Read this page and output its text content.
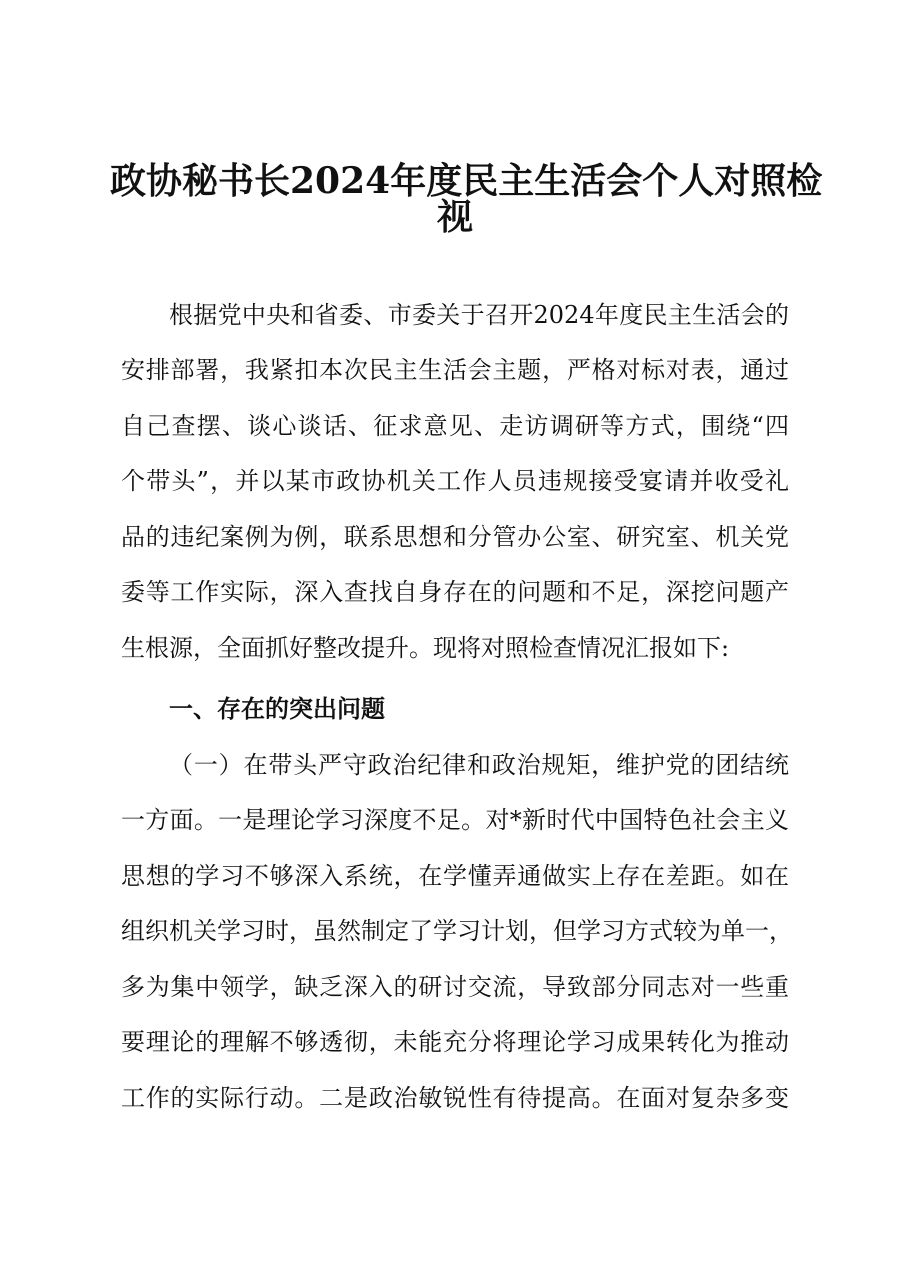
政协秘书长2024年度民主生活会个人对照检
视

根据党中央和省委、市委关于召开2024年度民主生活会的

安排部署，我紧扣本次民主生活会主题，严格对标对表，通过

自己查摆、谈心谈话、征求意见、走访调研等方式，围绕“四

个带头”，并以某市政协机关工作人员违规接受宴请并收受礼

品的违纪案例为例，联系思想和分管办公室、研究室、机关党

委等工作实际，深入查找自身存在的问题和不足，深挖问题产

生根源，全面抓好整改提升。现将对照检查情况汇报如下:

一、存在的突出问题

（一）在带头严守政治纪律和政治规矩，维护党的团结统

一方面。一是理论学习深度不足。对*新时代中国特色社会主义

思想的学习不够深入系统，在学懂弄通做实上存在差距。如在

组织机关学习时，虽然制定了学习计划，但学习方式较为单一，

多为集中领学，缺乏深入的研讨交流，导致部分同志对一些重

要理论的理解不够透彻，未能充分将理论学习成果转化为推动

工作的实际行动。二是政治敏锐性有待提高。在面对复杂多变
